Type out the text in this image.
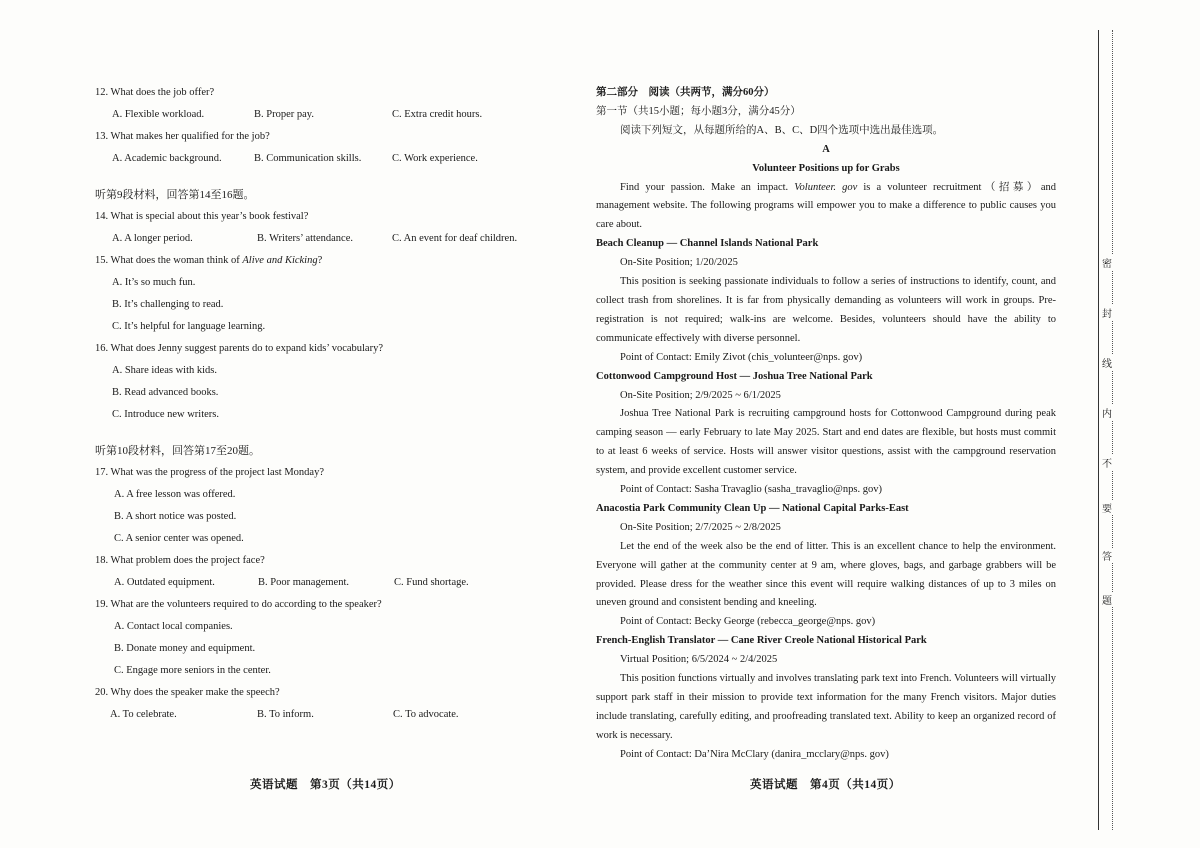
12. What does the job offer?

A. Flexible workload.	B. Proper pay.	C. Extra credit hours.

13. What makes her qualified for the job?

A. Academic background.	B. Communication skills.	C. Work experience.

听第9段材料，回答第14至16题。

14. What is special about this year’s book festival?

A. A longer period.	B. Writers’ attendance.	C. An event for deaf children.

15. What does the woman think of Alive and Kicking?

A. It’s so much fun.

B. It’s challenging to read.

C. It’s helpful for language learning.

16. What does Jenny suggest parents do to expand kids’ vocabulary?

A. Share ideas with kids.

B. Read advanced books.

C. Introduce new writers.

听第10段材料，回答第17至20题。

17. What was the progress of the project last Monday?

A. A free lesson was offered.

B. A short notice was posted.

C. A senior center was opened.

18. What problem does the project face?

A. Outdated equipment.	B. Poor management.	C. Fund shortage.

19. What are the volunteers required to do according to the speaker?

A. Contact local companies.

B. Donate money and equipment.

C. Engage more seniors in the center.

20. Why does the speaker make the speech?

A. To celebrate.	B. To inform.	C. To advocate.
英语试题　第3页（共14页）

第二部分　阅读（共两节，满分60分）

第一节（共15小题；每小题3分，满分45分）

阅读下列短文，从每题所给的A、B、C、D四个选项中选出最佳选项。

A

Volunteer Positions up for Grabs

Find your passion. Make an impact. Volunteer. gov is a volunteer recruitment（招募）and management website. The following programs will empower you to make a difference to public causes you care about.

Beach Cleanup — Channel Islands National Park

On-Site Position; 1/20/2025

This position is seeking passionate individuals to follow a series of instructions to identify, count, and collect trash from shorelines. It is far from physically demanding as volunteers will work in groups. Pre-registration is not required; walk-ins are welcome. Besides, volunteers should have the ability to communicate effectively with diverse personnel.

Point of Contact: Emily Zivot (chis_volunteer@nps. gov)

Cottonwood Campground Host — Joshua Tree National Park

On-Site Position; 2/9/2025 ~ 6/1/2025

Joshua Tree National Park is recruiting campground hosts for Cottonwood Campground during peak camping season — early February to late May 2025. Start and end dates are flexible, but hosts must commit to at least 6 weeks of service. Hosts will answer visitor questions, assist with the campground reservation system, and provide excellent customer service.

Point of Contact: Sasha Travaglio (sasha_travaglio@nps. gov)

Anacostia Park Community Clean Up — National Capital Parks-East

On-Site Position; 2/7/2025 ~ 2/8/2025

Let the end of the week also be the end of litter. This is an excellent chance to help the environment. Everyone will gather at the community center at 9 am, where gloves, bags, and garbage grabbers will be provided. Please dress for the weather since this event will require walking distances of up to 3 miles on uneven ground and consistent bending and kneeling.

Point of Contact: Becky George (rebecca_george@nps. gov)

French-English Translator — Cane River Creole National Historical Park

Virtual Position; 6/5/2024 ~ 2/4/2025

This position functions virtually and involves translating park text into French. Volunteers will virtually support park staff in their mission to provide text information for the many French visitors. Major duties include translating, carefully editing, and proofreading translated text. Ability to keep an organized record of work is necessary.

Point of Contact: Da’Nira McClary (danira_mcclary@nps. gov)

英语试题　第4页（共14页）
密
封
线
内
不
要
答
题
